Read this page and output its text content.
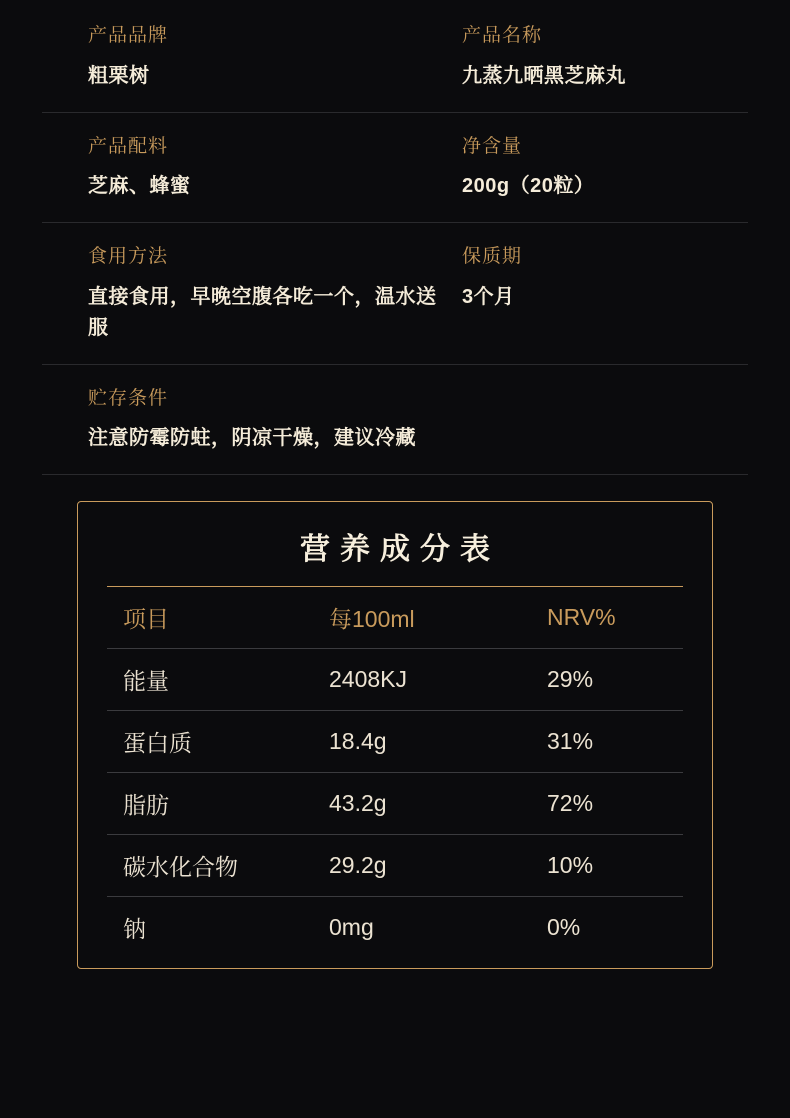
产品品牌
粗栗树
产品名称
九蒸九晒黑芝麻丸
产品配料
芝麻、蜂蜜
净含量
200g（20粒）
食用方法
直接食用，早晚空腹各吃一个，温水送服
保质期
3个月
贮存条件
注意防霉防蛀，阴凉干燥，建议冷藏
营养成分表
项目	每100ml	NRV%
能量	2408KJ	29%
蛋白质	18.4g	31%
脂肪	43.2g	72%
碳水化合物	29.2g	10%
钠	0mg	0%
